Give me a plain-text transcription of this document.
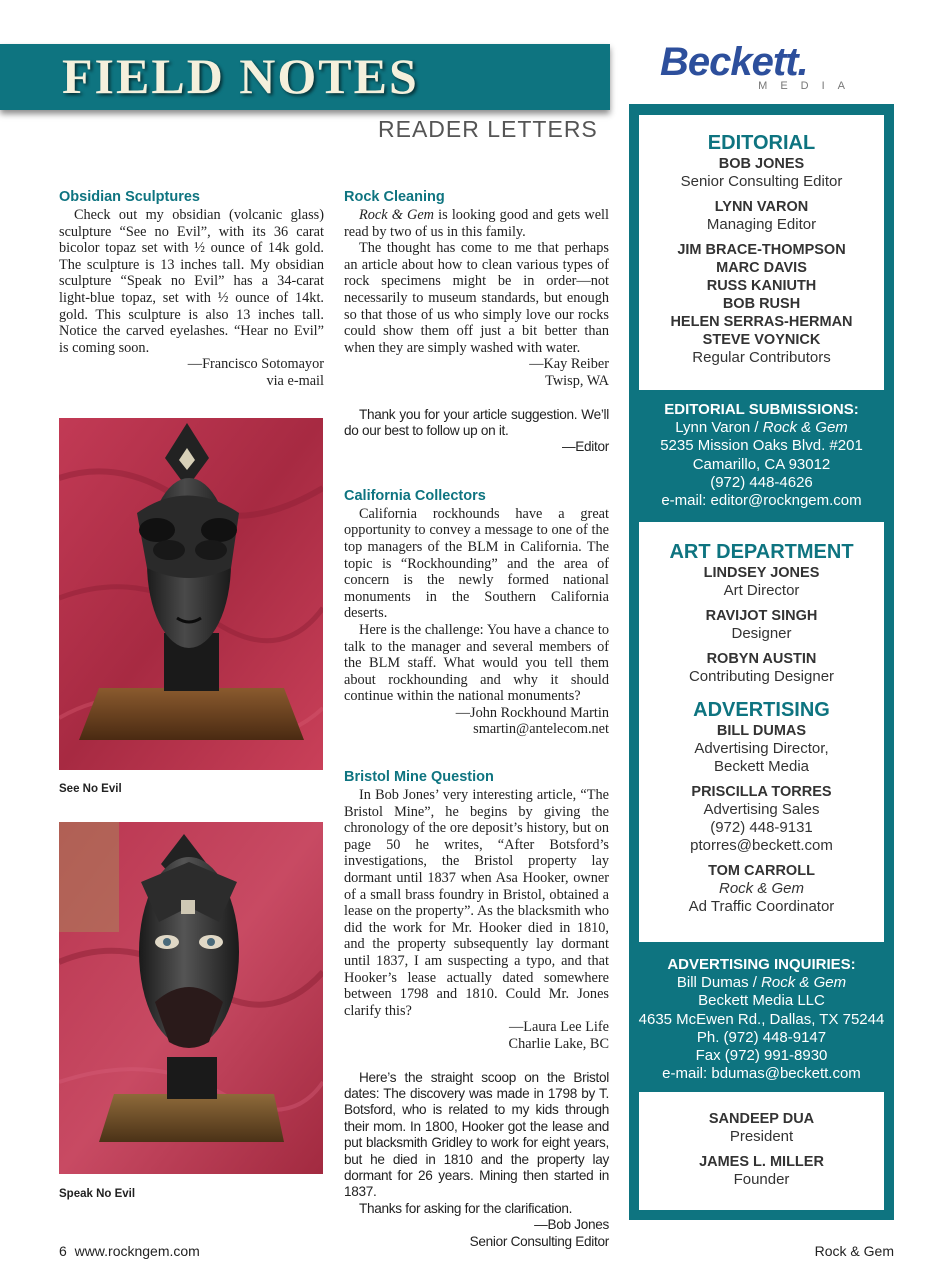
FIELD NOTES
READER LETTERS
Beckett.
MEDIA
Obsidian Sculptures

Check out my obsidian (volcanic glass) sculpture “See no Evil”, with its 36 carat bicolor topaz set with ½ ounce of 14k gold. The sculpture is 13 inches tall. My obsidian sculpture “Speak no Evil” has a 34-carat light-blue topaz, set with ½ ounce of 14kt. gold. This sculpture is also 13 inches tall. Notice the carved eyelashes. “Hear no Evil” is coming soon.

—Francisco Sotomayor

via e-mail

See No Evil
Speak No Evil
Rock Cleaning

Rock & Gem is looking good and gets well read by two of us in this family.

The thought has come to me that perhaps an article about how to clean various types of rock specimens might be in order—not necessarily to museum standards, but enough so that those of us who simply love our rocks could show them off just a bit better than when they are simply washed with water.

—Kay Reiber

Twisp, WA

Thank you for your article suggestion. We’ll do our best to follow up on it.

—Editor

California Collectors

California rockhounds have a great opportunity to convey a message to one of the top managers of the BLM in California. The topic is “Rockhounding” and the area of concern is the newly formed national monuments in the Southern California deserts.

Here is the challenge: You have a chance to talk to the manager and several members of the BLM staff. What would you tell them about rockhounding and why it should continue within the national monuments?

—John Rockhound Martin

smartin@antelecom.net

Bristol Mine Question

In Bob Jones’ very interesting article, “The Bristol Mine”, he begins by giving the chronology of the ore deposit’s history, but on page 50 he writes, “After Botsford’s investigations, the Bristol property lay dormant until 1837 when Asa Hooker, owner of a small brass foundry in Bristol, obtained a lease on the property”. As the blacksmith who did the work for Mr. Hooker died in 1810, and the property subsequently lay dormant until 1837, I am suspecting a typo, and that Hooker’s lease actually dated somewhere between 1798 and 1810. Could Mr. Jones clarify this?

—Laura Lee Life

Charlie Lake, BC

Here’s the straight scoop on the Bristol dates: The discovery was made in 1798 by T. Botsford, who is related to my kids through their mom. In 1800, Hooker got the lease and put blacksmith Gridley to work for eight years, but he died in 1810 and the property lay dormant for 26 years. Mining then started in 1837.

Thanks for asking for the clarification.

—Bob Jones

Senior Consulting Editor

EDITORIAL
BOB JONES
Senior Consulting Editor
LYNN VARON
Managing Editor
JIM BRACE-THOMPSON
MARC DAVIS
RUSS KANIUTH
BOB RUSH
HELEN SERRAS-HERMAN
STEVE VOYNICK
Regular Contributors
EDITORIAL SUBMISSIONS:
Lynn Varon / Rock & Gem
5235 Mission Oaks Blvd. #201
Camarillo, CA 93012
(972) 448-4626
e-mail: editor@rockngem.com
ART DEPARTMENT
LINDSEY JONES
Art Director
RAVIJOT SINGH
Designer
ROBYN AUSTIN
Contributing Designer
ADVERTISING
BILL DUMAS
Advertising Director,
Beckett Media
PRISCILLA TORRES
Advertising Sales
(972) 448-9131
ptorres@beckett.com
TOM CARROLL
Rock & Gem
Ad Traffic Coordinator
ADVERTISING INQUIRIES:
Bill Dumas / Rock & Gem
Beckett Media LLC
4635 McEwen Rd., Dallas, TX 75244
Ph. (972) 448-9147
Fax (972) 991-8930
e-mail: bdumas@beckett.com
SANDEEP DUA
President
JAMES L. MILLER
Founder
6 www.rockngem.com	Rock & Gem
